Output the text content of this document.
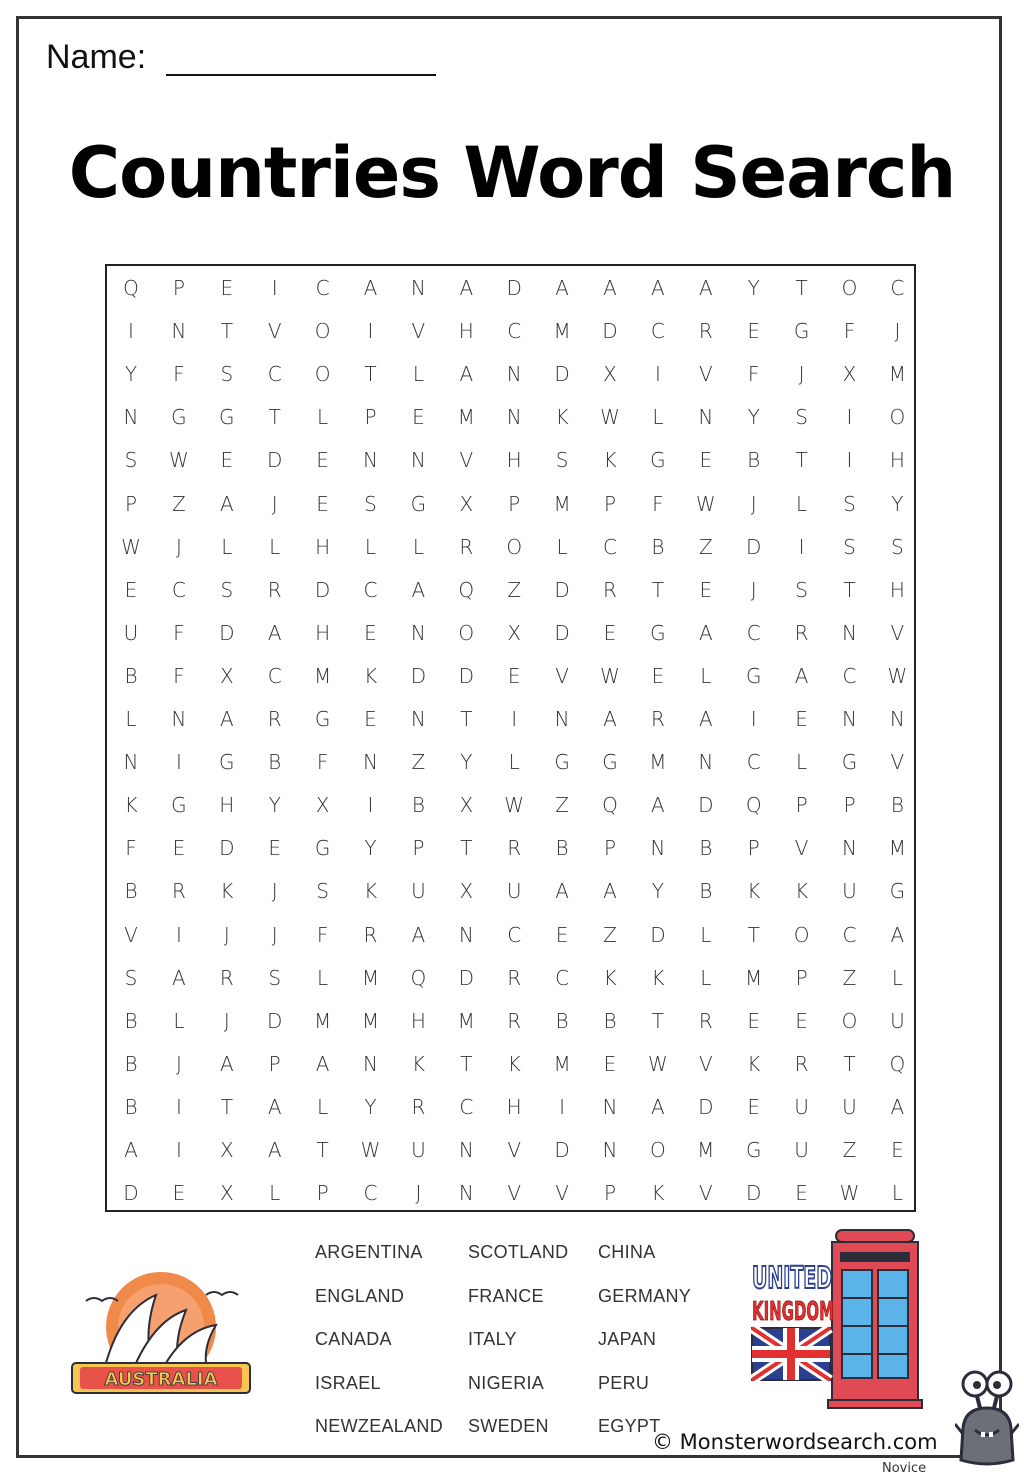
Name:
Countries Word Search
Q	P	E	I	C	A	N	A	D	A	A	A	A	Y	T	O	C
I	N	T	V	O	I	V	H	C	M	D	C	R	E	G	F	J
Y	F	S	C	O	T	L	A	N	D	X	I	V	F	J	X	M
N	G	G	T	L	P	E	M	N	K	W	L	N	Y	S	I	O
S	W	E	D	E	N	N	V	H	S	K	G	E	B	T	I	H
P	Z	A	J	E	S	G	X	P	M	P	F	W	J	L	S	Y
W	J	L	L	H	L	L	R	O	L	C	B	Z	D	I	S	S
E	C	S	R	D	C	A	Q	Z	D	R	T	E	J	S	T	H
U	F	D	A	H	E	N	O	X	D	E	G	A	C	R	N	V
B	F	X	C	M	K	D	D	E	V	W	E	L	G	A	C	W
L	N	A	R	G	E	N	T	I	N	A	R	A	I	E	N	N
N	I	G	B	F	N	Z	Y	L	G	G	M	N	C	L	G	V
K	G	H	Y	X	I	B	X	W	Z	Q	A	D	Q	P	P	B
F	E	D	E	G	Y	P	T	R	B	P	N	B	P	V	N	M
B	R	K	J	S	K	U	X	U	A	A	Y	B	K	K	U	G
V	I	J	J	F	R	A	N	C	E	Z	D	L	T	O	C	A
S	A	R	S	L	M	Q	D	R	C	K	K	L	M	P	Z	L
B	L	J	D	M	M	H	M	R	B	B	T	R	E	E	O	U
B	J	A	P	A	N	K	T	K	M	E	W	V	K	R	T	Q
B	I	T	A	L	Y	R	C	H	I	N	A	D	E	U	U	A
A	I	X	A	T	W	U	N	V	D	N	O	M	G	U	Z	E
D	E	X	L	P	C	J	N	V	V	P	K	V	D	E	W	L
ARGENTINA	SCOTLAND CHINA
ENGLAND	FRANCE	GERMANY
CANADA	ITALY	JAPAN
ISRAEL	NIGERIA	PERU
NEWZEALAND SWEDEN	EGYPT
AUSTRALIA
UNITED
KINGDOM
© Monsterwordsearch.com
Novice
